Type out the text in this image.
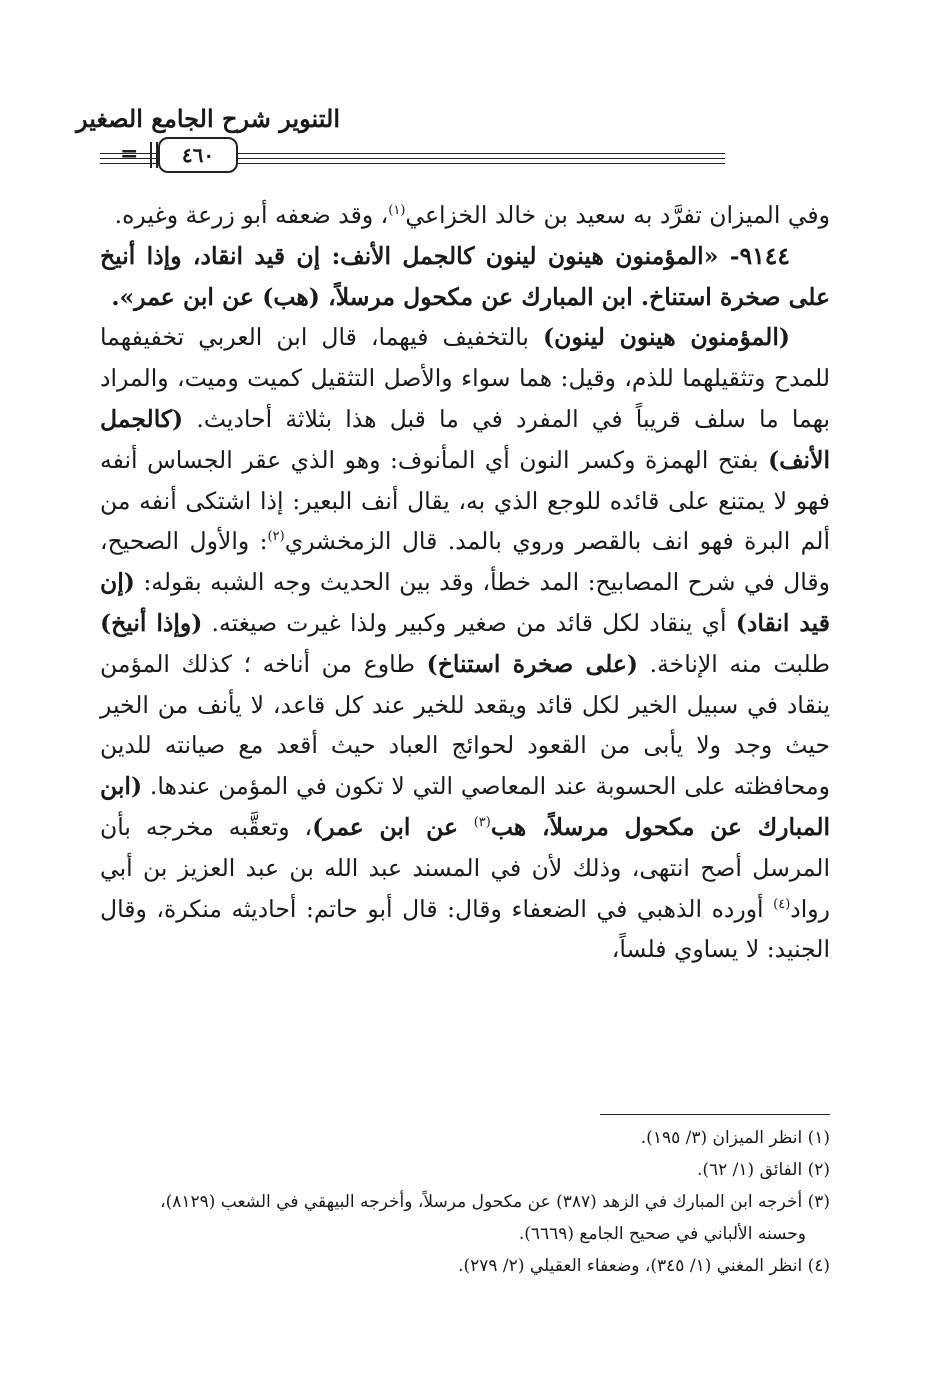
التنوير شرح الجامع الصغير
٤٦٠
=

وفي الميزان تفرَّد به سعيد بن خالد الخزاعي$^{(١)}$، وقد ضعفه أبو زرعة وغيره.

٩١٤٤- «المؤمنون هينون لينون كالجمل الأنف: إن قيد انقاد، وإذا أنيخ على صخرة استناخ. ابن المبارك عن مكحول مرسلاً، (هب) عن ابن عمر».

(المؤمنون هينون لينون) بالتخفيف فيهما، قال ابن العربي تخفيفهما للمدح وتثقيلهما للذم، وقيل: هما سواء والأصل التثقيل كميت وميت، والمراد بهما ما سلف قريباً في المفرد في ما قبل هذا بثلاثة أحاديث. (كالجمل الأنف) بفتح الهمزة وكسر النون أي المأنوف: وهو الذي عقر الجساس أنفه فهو لا يمتنع على قائده للوجع الذي به، يقال أنف البعير: إذا اشتكى أنفه من ألم البرة فهو انف بالقصر وروي بالمد. قال الزمخشري$^{(٢)}$: والأول الصحيح، وقال في شرح المصابيح: المد خطأ، وقد بين الحديث وجه الشبه بقوله: (إن قيد انقاد) أي ينقاد لكل قائد من صغير وكبير ولذا غيرت صيغته. (وإذا أنيخ) طلبت منه الإناخة. (على صخرة استناخ) طاوع من أناخه ؛ كذلك المؤمن ينقاد في سبيل الخير لكل قائد ويقعد للخير عند كل قاعد، لا يأنف من الخير حيث وجد ولا يأبى من القعود لحوائج العباد حيث أقعد مع صيانته للدين ومحافظته على الحسوبة عند المعاصي التي لا تكون في المؤمن عندها. (ابن المبارك عن مكحول مرسلاً، هب$^{(٣)}$ عن ابن عمر)، وتعقَّبه مخرجه بأن المرسل أصح انتهى، وذلك لأن في المسند عبد الله بن عبد العزيز بن أبي رواد$^{(٤)}$ أورده الذهبي في الضعفاء وقال: قال أبو حاتم: أحاديثه منكرة، وقال الجنيد: لا يساوي فلساً،

(١) انظر الميزان (٣/ ١٩٥).

(٢) الفائق (١/ ٦٢).

(٣) أخرجه ابن المبارك في الزهد (٣٨٧) عن مكحول مرسلاً، وأخرجه البيهقي في الشعب (٨١٢٩)،

وحسنه الألباني في صحيح الجامع (٦٦٦٩).

(٤) انظر المغني (١/ ٣٤٥)، وضعفاء العقيلي (٢/ ٢٧٩).
